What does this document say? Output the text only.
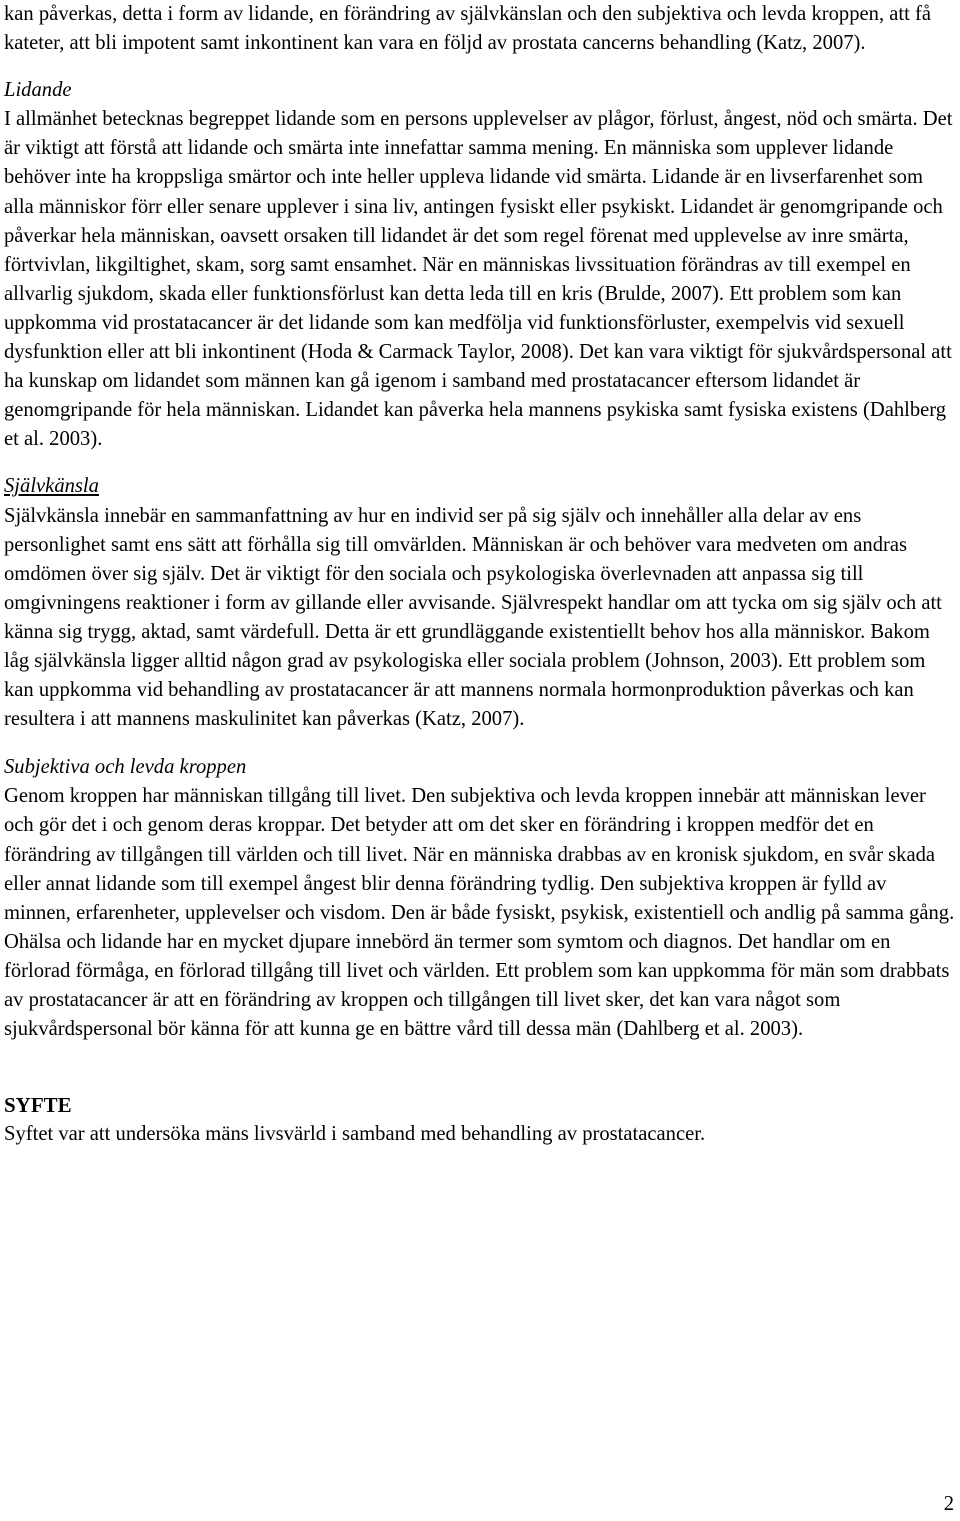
kan påverkas, detta i form av lidande, en förändring av självkänslan och den subjektiva och levda kroppen, att få kateter, att bli impotent samt inkontinent kan vara en följd av prostata cancerns behandling (Katz, 2007).

Lidande

I allmänhet betecknas begreppet lidande som en persons upplevelser av plågor, förlust, ångest, nöd och smärta. Det är viktigt att förstå att lidande och smärta inte innefattar samma mening. En människa som upplever lidande behöver inte ha kroppsliga smärtor och inte heller uppleva lidande vid smärta. Lidande är en livserfarenhet som alla människor förr eller senare upplever i sina liv, antingen fysiskt eller psykiskt. Lidandet är genomgripande och påverkar hela människan, oavsett orsaken till lidandet är det som regel förenat med upplevelse av inre smärta, förtvivlan, likgiltighet, skam, sorg samt ensamhet. När en människas livssituation förändras av till exempel en allvarlig sjukdom, skada eller funktionsförlust kan detta leda till en kris (Brulde, 2007). Ett problem som kan uppkomma vid prostatacancer är det lidande som kan medfölja vid funktionsförluster, exempelvis vid sexuell dysfunktion eller att bli inkontinent (Hoda & Carmack Taylor, 2008). Det kan vara viktigt för sjukvårdspersonal att ha kunskap om lidandet som männen kan gå igenom i samband med prostatacancer eftersom lidandet är genomgripande för hela människan. Lidandet kan påverka hela mannens psykiska samt fysiska existens (Dahlberg et al. 2003).

Självkänsla

Självkänsla innebär en sammanfattning av hur en individ ser på sig själv och innehåller alla delar av ens personlighet samt ens sätt att förhålla sig till omvärlden. Människan är och behöver vara medveten om andras omdömen över sig själv. Det är viktigt för den sociala och psykologiska överlevnaden att anpassa sig till omgivningens reaktioner i form av gillande eller avvisande. Självrespekt handlar om att tycka om sig själv och att känna sig trygg, aktad, samt värdefull. Detta är ett grundläggande existentiellt behov hos alla människor. Bakom låg självkänsla ligger alltid någon grad av psykologiska eller sociala problem (Johnson, 2003). Ett problem som kan uppkomma vid behandling av prostatacancer är att mannens normala hormonproduktion påverkas och kan resultera i att mannens maskulinitet kan påverkas (Katz, 2007).

Subjektiva och levda kroppen

Genom kroppen har människan tillgång till livet. Den subjektiva och levda kroppen innebär att människan lever och gör det i och genom deras kroppar. Det betyder att om det sker en förändring i kroppen medför det en förändring av tillgången till världen och till livet. När en människa drabbas av en kronisk sjukdom, en svår skada eller annat lidande som till exempel ångest blir denna förändring tydlig. Den subjektiva kroppen är fylld av minnen, erfarenheter, upplevelser och visdom. Den är både fysiskt, psykisk, existentiell och andlig på samma gång. Ohälsa och lidande har en mycket djupare innebörd än termer som symtom och diagnos. Det handlar om en förlorad förmåga, en förlorad tillgång till livet och världen. Ett problem som kan uppkomma för män som drabbats av prostatacancer är att en förändring av kroppen och tillgången till livet sker, det kan vara något som sjukvårdspersonal bör känna för att kunna ge en bättre vård till dessa män (Dahlberg et al. 2003).

SYFTE

Syftet var att undersöka mäns livsvärld i samband med behandling av prostatacancer.

2
